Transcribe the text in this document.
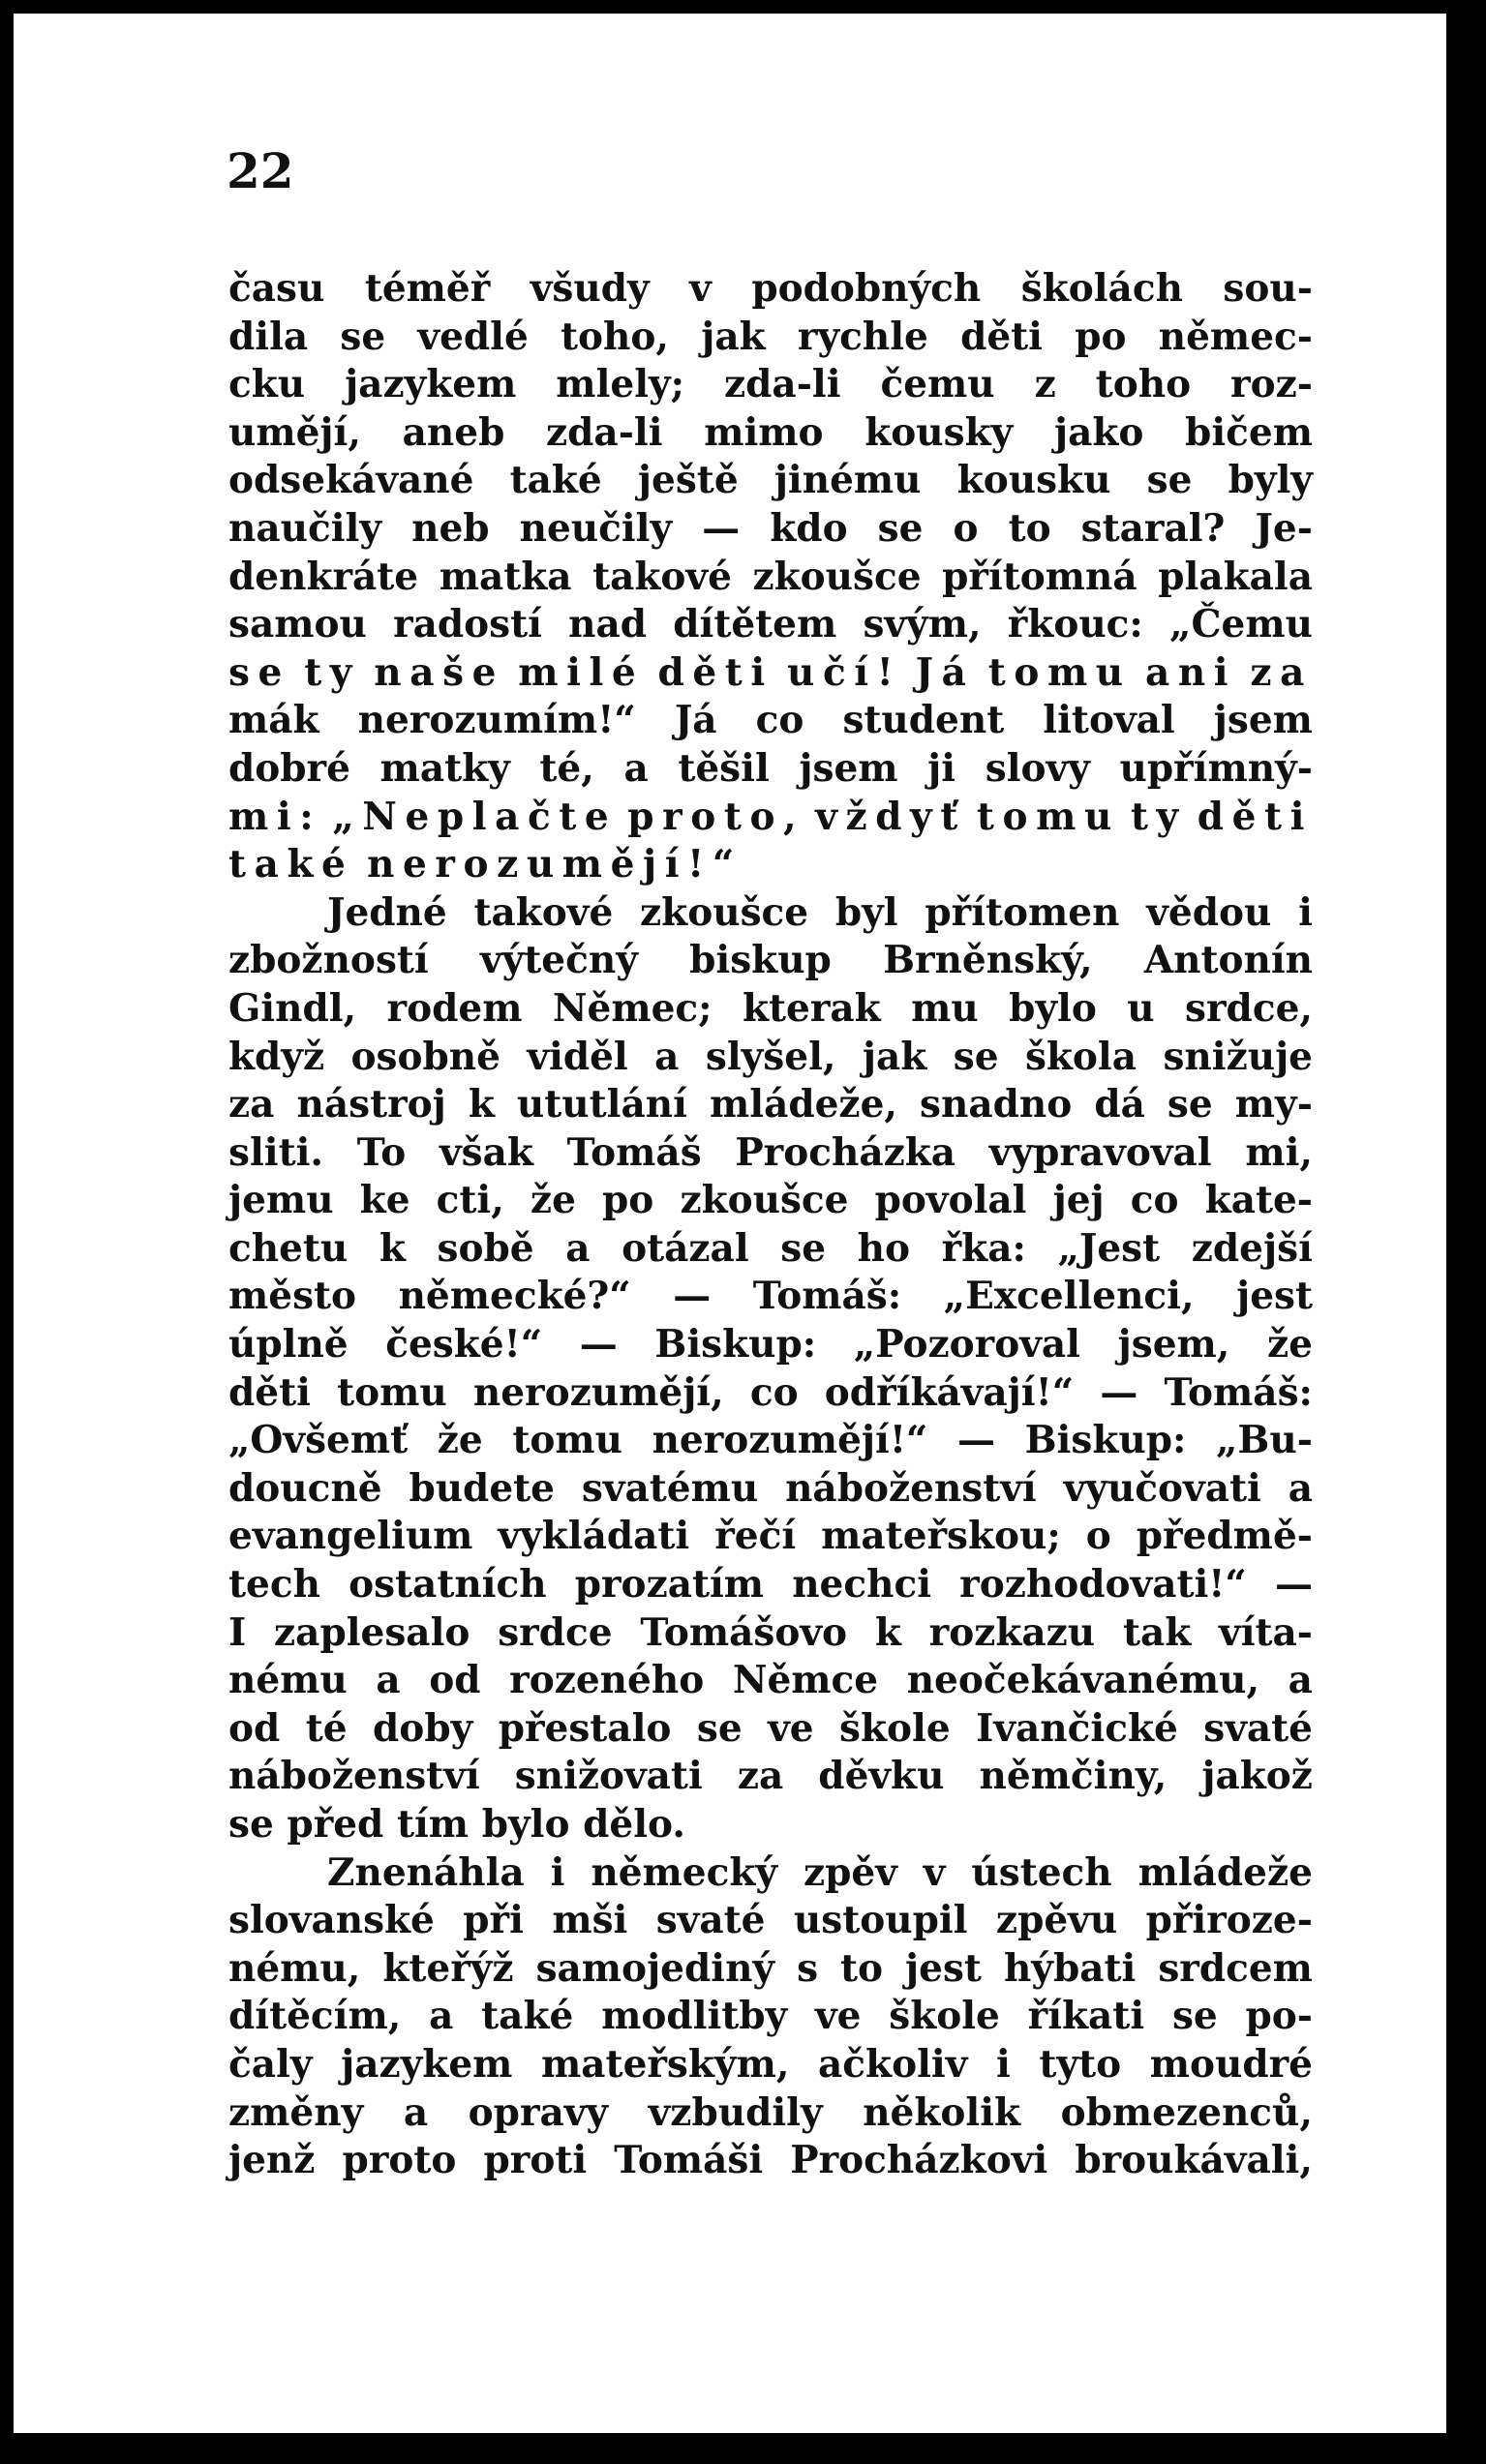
22
času téměř všudy v podobných školách sou-
dila se vedlé toho, jak rychle děti po němec-
cku jazykem mlely; zda-li čemu z toho roz-
umějí, aneb zda-li mimo kousky jako bičem
odsekávané také ještě jinému kousku se byly
naučily neb neučily — kdo se o to staral? Je-
denkráte matka takové zkoušce přítomná plakala
samou radostí nad dítětem svým, řkouc: „Čemu
se ty naše milé děti učí! Já tomu ani za
mák nerozumím!“ Já co student litoval jsem
dobré matky té, a těšil jsem ji slovy upřímný-
mi: „Neplačte proto, vždyť tomu ty děti
také nerozumějí!“
Jedné takové zkoušce byl přítomen vědou i
zbožností výtečný biskup Brněnský, Antonín
Gindl, rodem Němec; kterak mu bylo u srdce,
když osobně viděl a slyšel, jak se škola snižuje
za nástroj k ututlání mládeže, snadno dá se my-
sliti. To však Tomáš Procházka vypravoval mi,
jemu ke cti, že po zkoušce povolal jej co kate-
chetu k sobě a otázal se ho řka: „Jest zdejší
město německé?“ — Tomáš: „Excellenci, jest
úplně české!“ — Biskup: „Pozoroval jsem, že
děti tomu nerozumějí, co odříkávají!“ — Tomáš:
„Ovšemť že tomu nerozumějí!“ — Biskup: „Bu-
doucně budete svatému náboženství vyučovati a
evangelium vykládati řečí mateřskou; o předmě-
tech ostatních prozatím nechci rozhodovati!“ —
I zaplesalo srdce Tomášovo k rozkazu tak vítа-
nému a od rozeného Němce neočekávanému, a
od té doby přestalo se ve škole Ivančické svaté
náboženství snižovati za děvku němčiny, jakož
se před tím bylo dělo.
Znenáhla i německý zpěv v ústech mládeže
slovanské při mši svaté ustoupil zpěvu přiroze-
nému, kteřýž samojediný s to jest hýbati srdcem
dítěcím, a také modlitby ve škole říkati se po-
čaly jazykem mateřským, ačkoliv i tyto moudré
změny a opravy vzbudily několik obmezenců,
jenž proto proti Tomáši Procházkovi broukávali,
